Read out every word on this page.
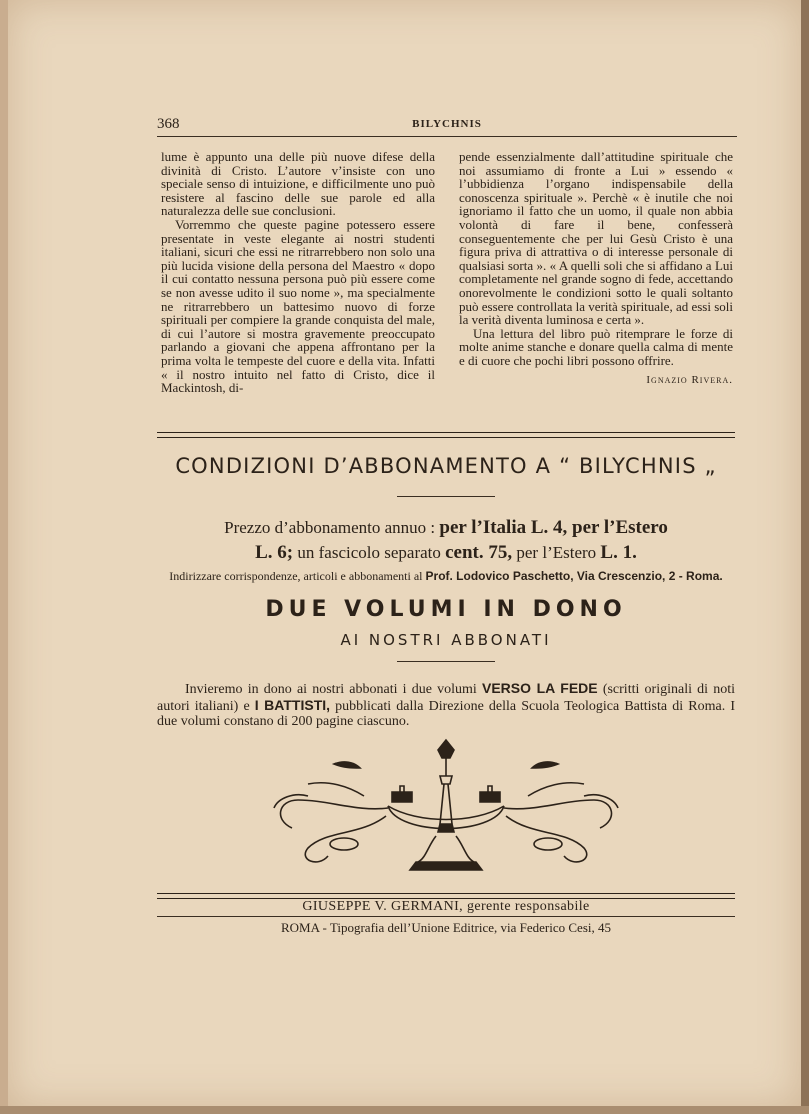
368	BILYCHNIS

lume è appunto una delle più nuove difese della divinità di Cristo. L’autore v’insiste con uno speciale senso di intuizione, e difficilmente uno può resistere al fascino delle sue parole ed alla naturalezza delle sue conclusioni.

Vorremmo che queste pagine potessero essere presentate in veste elegante ai nostri studenti italiani, sicuri che essi ne ritrarrebbero non solo una più lucida visione della persona del Maestro « dopo il cui contatto nessuna persona può più essere come se non avesse udito il suo nome », ma specialmente ne ritrarrebbero un battesimo nuovo di forze spirituali per compiere la grande conquista del male, di cui l’autore si mostra gravemente preoccupato parlando a giovani che appena affrontano per la prima volta le tempeste del cuore e della vita. Infatti « il nostro intuito nel fatto di Cristo, dice il Mackintosh, di-

pende essenzialmente dall’attitudine spirituale che noi assumiamo di fronte a Lui » essendo « l’ubbidienza l’organo indispensabile della conoscenza spirituale ». Perchè « è inutile che noi ignoriamo il fatto che un uomo, il quale non abbia volontà di fare il bene, confesserà conseguentemente che per lui Gesù Cristo è una figura priva di attrattiva o di interesse personale di qualsiasi sorta ». « A quelli soli che si affidano a Lui completamente nel grande sogno di fede, accettando onorevolmente le condizioni sotto le quali soltanto può essere controllata la verità spirituale, ad essi soli la verità diventa luminosa e certa ».

Una lettura del libro può ritemprare le forze di molte anime stanche e donare quella calma di mente e di cuore che pochi libri possono offrire.

Ignazio Rivera.
CONDIZIONI D’ABBONAMENTO A “ BILYCHNIS „
Prezzo d’abbonamento annuo : per l’Italia L. 4, per l’Estero
L. 6; un fascicolo separato cent. 75, per l’Estero L. 1.
Indirizzare corrispondenze, articoli e abbonamenti al Prof. Lodovico Paschetto, Via Crescenzio, 2 - Roma.
DUE VOLUMI IN DONO
AI NOSTRI ABBONATI
Invieremo in dono ai nostri abbonati i due volumi VERSO LA FEDE (scritti originali di noti autori italiani) e I BATTISTI, pubblicati dalla Direzione della Scuola Teologica Battista di Roma. I due volumi constano di 200 pagine ciascuno.
GIUSEPPE V. GERMANI, gerente responsabile
ROMA - Tipografia dell’Unione Editrice, via Federico Cesi, 45
